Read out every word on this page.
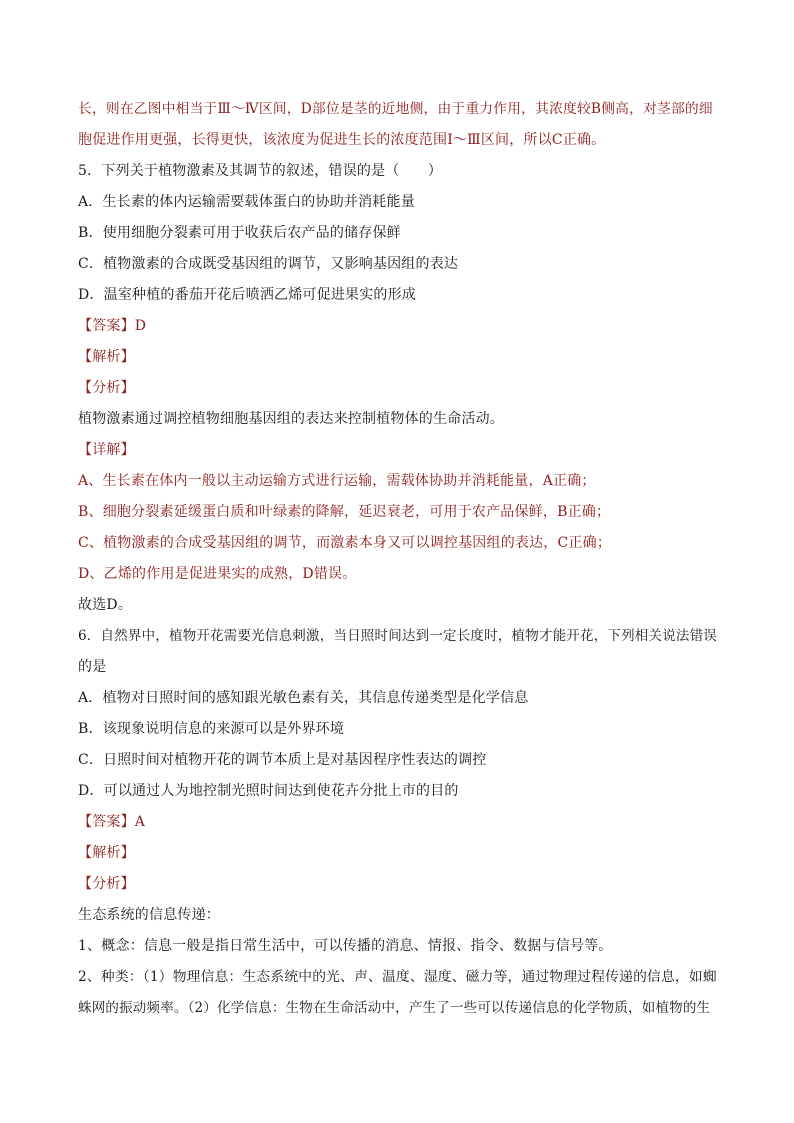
长，则在乙图中相当于Ⅲ～Ⅳ区间，D部位是茎的近地侧，由于重力作用，其浓度较B侧高，对茎部的细
胞促进作用更强，长得更快，该浓度为促进生长的浓度范围Ⅰ～Ⅲ区间，所以C正确。
5．下列关于植物激素及其调节的叙述，错误的是（　　）
A．生长素的体内运输需要载体蛋白的协助并消耗能量
B．使用细胞分裂素可用于收获后农产品的储存保鲜
C．植物激素的合成既受基因组的调节，又影响基因组的表达
D．温室种植的番茄开花后喷洒乙烯可促进果实的形成
【答案】D
【解析】
【分析】
植物激素通过调控植物细胞基因组的表达来控制植物体的生命活动。
【详解】
A、生长素在体内一般以主动运输方式进行运输，需载体协助并消耗能量，A正确；
B、细胞分裂素延缓蛋白质和叶绿素的降解，延迟衰老，可用于农产品保鲜，B正确；
C、植物激素的合成受基因组的调节，而激素本身又可以调控基因组的表达，C正确；
D、乙烯的作用是促进果实的成熟，D错误。
故选D。
6．自然界中，植物开花需要光信息刺激，当日照时间达到一定长度时，植物才能开花，下列相关说法错误
的是
A．植物对日照时间的感知跟光敏色素有关，其信息传递类型是化学信息
B．该现象说明信息的来源可以是外界环境
C．日照时间对植物开花的调节本质上是对基因程序性表达的调控
D．可以通过人为地控制光照时间达到使花卉分批上市的目的
【答案】A
【解析】
【分析】
生态系统的信息传递：
1、概念：信息一般是指日常生活中，可以传播的消息、情报、指令、数据与信号等。
2、种类：（1）物理信息：生态系统中的光、声、温度、湿度、磁力等，通过物理过程传递的信息，如蜘
蛛网的振动频率。（2）化学信息：生物在生命活动中，产生了一些可以传递信息的化学物质，如植物的生
